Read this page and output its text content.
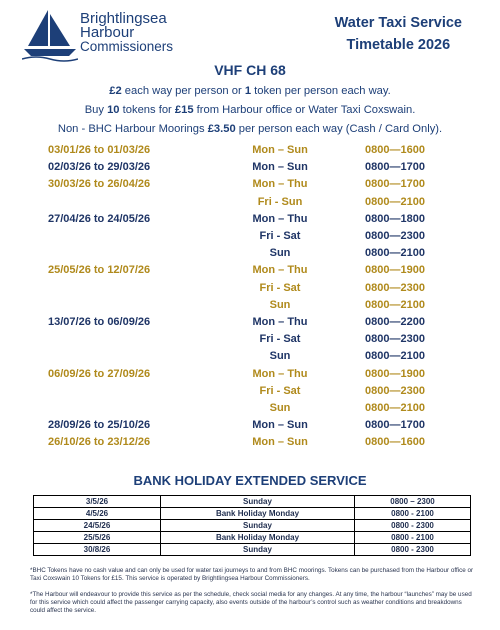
Brightlingsea
Harbour
Commissioners
Water Taxi Service
Timetable 2026
VHF CH 68
£2 each way per person or 1 token per person each way.
Buy 10 tokens for £15 from Harbour office or Water Taxi Coxswain.
Non - BHC Harbour Moorings £3.50 per person each way (Cash / Card Only).
03/01/26 to 01/03/26	Mon – Sun	0800—1600
02/03/26 to 29/03/26	Mon – Sun	0800—1700
30/03/26 to 26/04/26	Mon – Thu	0800—1700
Fri - Sun	0800—2100
27/04/26 to 24/05/26	Mon – Thu	0800—1800
Fri - Sat	0800—2300
Sun	0800—2100
25/05/26 to 12/07/26	Mon – Thu	0800—1900
Fri - Sat	0800—2300
Sun	0800—2100
13/07/26 to 06/09/26	Mon – Thu	0800—2200
Fri - Sat	0800—2300
Sun	0800—2100
06/09/26 to 27/09/26	Mon – Thu	0800—1900
Fri - Sat	0800—2300
Sun	0800—2100
28/09/26 to 25/10/26	Mon – Sun	0800—1700
26/10/26 to 23/12/26	Mon – Sun	0800—1600
BANK HOLIDAY EXTENDED SERVICE
3/5/26	Sunday	0800 – 2300
4/5/26	Bank Holiday Monday	0800 - 2100
24/5/26	Sunday	0800 - 2300
25/5/26	Bank Holiday Monday	0800 - 2100
30/8/26	Sunday	0800 - 2300
*BHC Tokens have no cash value and can only be used for water taxi journeys to and from BHC moorings. Tokens can be purchased from the Harbour office or Taxi Coxswain 10 Tokens for £15. This service is operated by Brightlingsea Harbour Commissioners.
*The Harbour will endeavour to provide this service as per the schedule, check social media for any changes. At any time, the harbour “launches” may be used for this service which could affect the passenger carrying capacity, also events outside of the harbour’s control such as weather conditions and breakdowns could affect the service.
